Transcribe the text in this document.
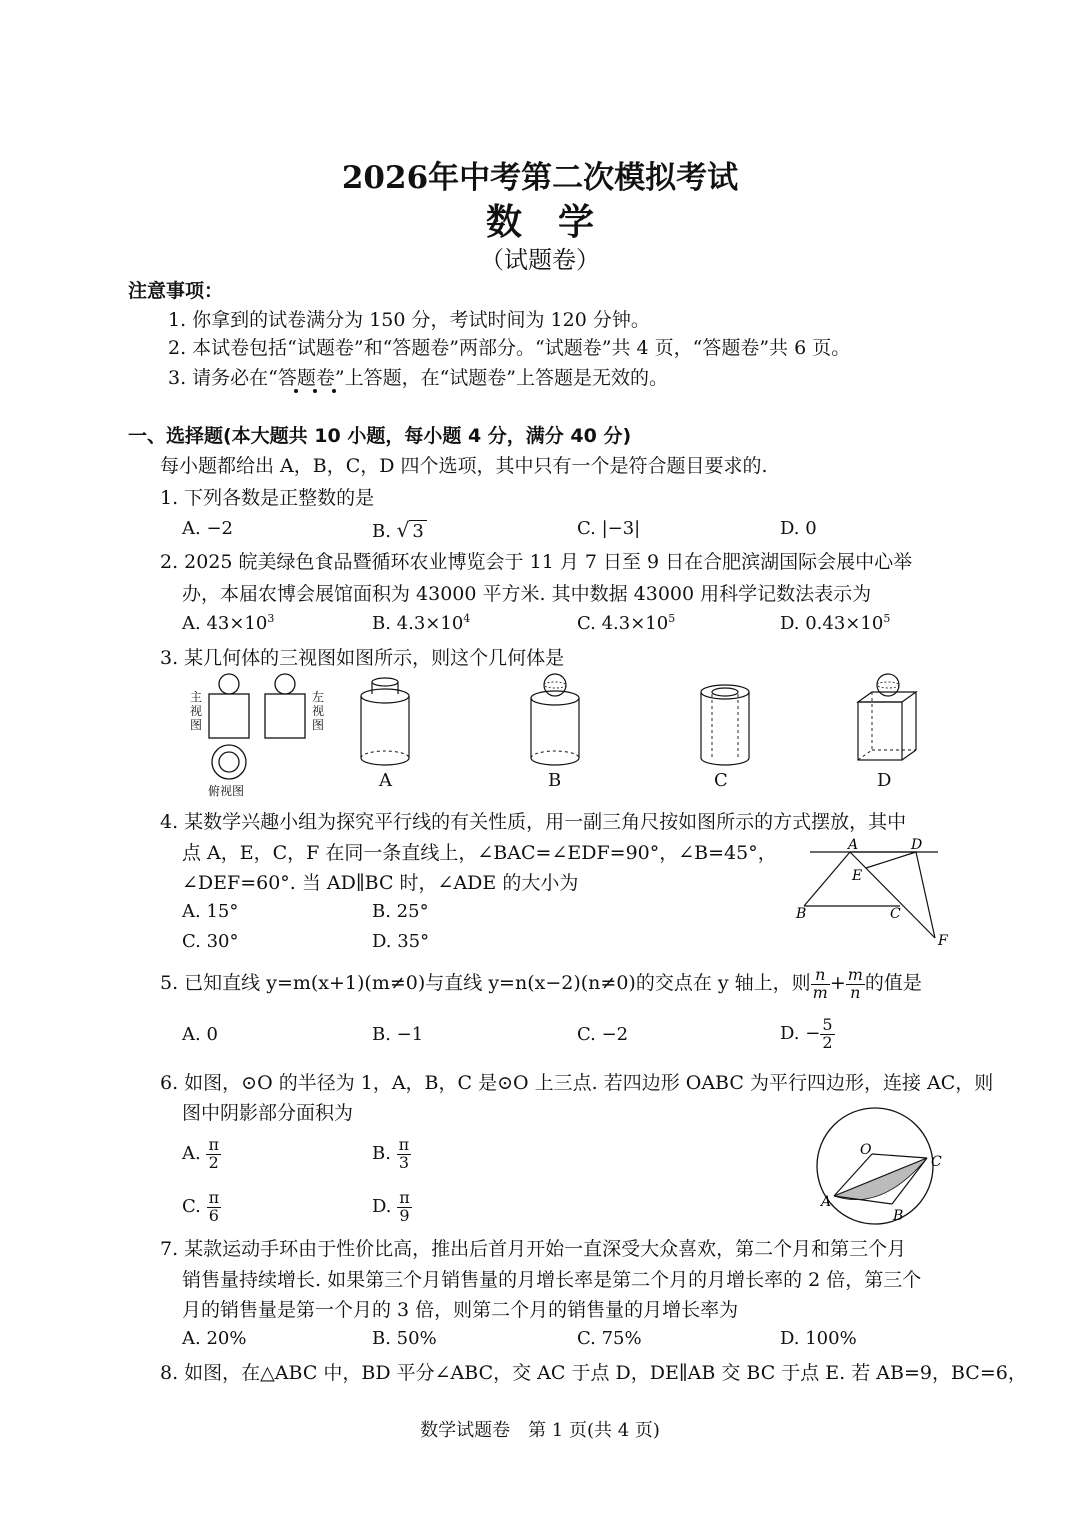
2026年中考第二次模拟考试
数学
（试题卷）
注意事项：
1. 你拿到的试卷满分为 150 分，考试时间为 120 分钟。
2. 本试卷包括“试题卷”和“答题卷”两部分。“试题卷”共 4 页，“答题卷”共 6 页。
3. 请务必在“答题卷”上答题，在“试题卷”上答题是无效的。
一、选择题(本大题共 10 小题，每小题 4 分，满分 40 分)
每小题都给出 A，B，C，D 四个选项，其中只有一个是符合题目要求的.
1. 下列各数是正整数的是
A. −2	B. √ 3	C. |−3|	D. 0
2. 2025 皖美绿色食品暨循环农业博览会于 11 月 7 日至 9 日在合肥滨湖国际会展中心举
办，本届农博会展馆面积为 43000 平方米. 其中数据 43000 用科学记数法表示为
A. $43\times 10^3$	B. $4.3\times 10^4$	C. $4.3\times 10^5$	D. $0.43\times 10^5$
3. 某几何体的三视图如图所示，则这个几何体是
主视图
左视图
俯视图	A	B	C	D
4. 某数学兴趣小组为探究平行线的有关性质，用一副三角尺按如图所示的方式摆放，其中
点 A，E，C，F 在同一条直线上，∠BAC=∠EDF=90°，∠B=45°，
∠DEF=60°. 当 AD∥BC 时，∠ADE 的大小为
A. 15°	B. 25°
C. 30°	D. 35°
A	D
E
B	C
F
5. 已知直线 y=m(x+1)(m≠0)与直线 y=n(x−2)(n≠0)的交点在 y 轴上，则 $\frac{n}{m} + \frac{m}{n}$ 的值是
A. 0	B. −1	C. −2	D. − $\frac{5}{2}$
6. 如图，⊙O 的半径为 1，A，B，C 是⊙O 上三点. 若四边形 OABC 为平行四边形，连接 AC，则
图中阴影部分面积为
A. $\frac{\pi}{2}$	B. $\frac{\pi}{3}$
C. $\frac{\pi}{6}$	D. $\frac{\pi}{9}$
O
C
A
B
7. 某款运动手环由于性价比高，推出后首月开始一直深受大众喜欢，第二个月和第三个月
销售量持续增长. 如果第三个月销售量的月增长率是第二个月的月增长率的 2 倍，第三个
月的销售量是第一个月的 3 倍，则第二个月的销售量的月增长率为
A. 20%	B. 50%	C. 75%	D. 100%
8. 如图，在△ABC 中，BD 平分∠ABC，交 AC 于点 D，DE∥AB 交 BC 于点 E. 若 AB=9，BC=6，
数学试题卷　第 1 页(共 4 页)
